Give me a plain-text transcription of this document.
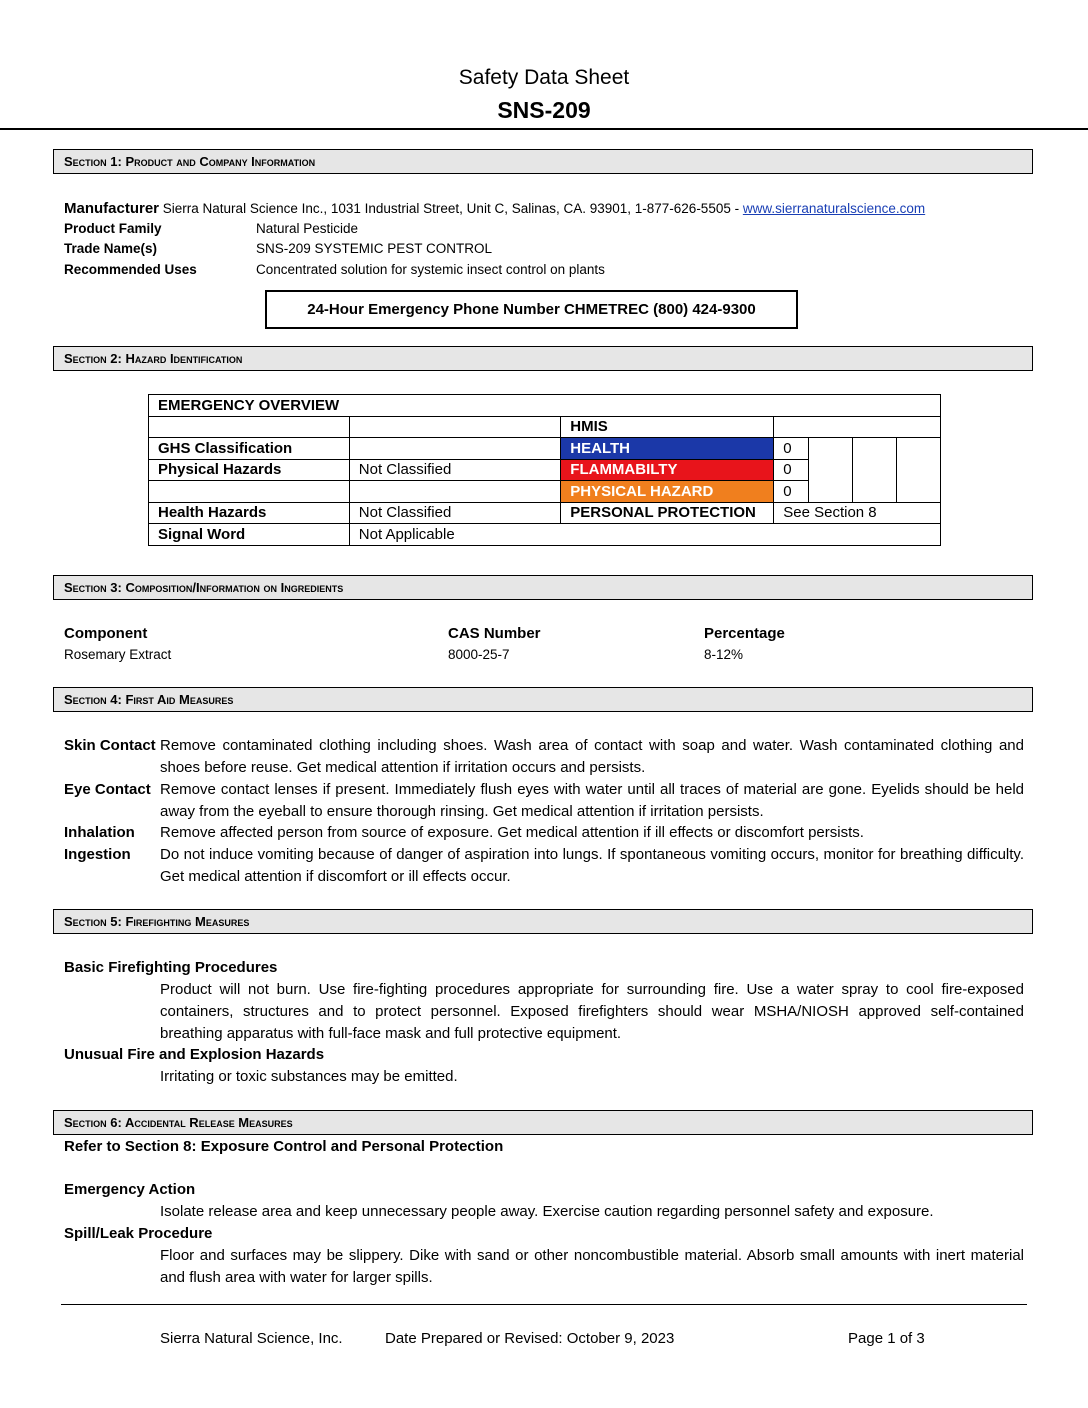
Safety Data Sheet
SNS-209
Section 1: Product and Company Information
Manufacturer Sierra Natural Science Inc., 1031 Industrial Street, Unit C, Salinas, CA. 93901, 1-877-626-5505 - www.sierranaturalscience.com
Product Family	Natural Pesticide
Trade Name(s)	SNS-209 SYSTEMIC PEST CONTROL
Recommended Uses	Concentrated solution for systemic insect control on plants
24-Hour Emergency Phone Number CHMETREC (800) 424-9300
Section 2: Hazard Identification
EMERGENCY OVERVIEW						
		HMIS				
GHS Classification		HEALTH	0			
Physical Hazards	Not Classified	FLAMMABILTY	0			
		PHYSICAL HAZARD	0			
Health Hazards	Not Classified	PERSONAL PROTECTION	See Section 8			
Signal Word	Not Applicable					
Section 3: Composition/Information on Ingredients
Component	CAS Number	Percentage
Rosemary Extract	8000-25-7	8-12%
Section 4: First Aid Measures
Skin Contact Remove contaminated clothing including shoes. Wash area of contact with soap and water. Wash contaminated clothing and shoes before reuse. Get medical attention if irritation occurs and persists.
Eye Contact Remove contact lenses if present. Immediately flush eyes with water until all traces of material are gone. Eyelids should be held away from the eyeball to ensure thorough rinsing. Get medical attention if irritation persists.
Inhalation Remove affected person from source of exposure. Get medical attention if ill effects or discomfort persists.
Ingestion Do not induce vomiting because of danger of aspiration into lungs. If spontaneous vomiting occurs, monitor for breathing difficulty. Get medical attention if discomfort or ill effects occur.
Section 5: Firefighting Measures
Basic Firefighting Procedures
Product will not burn. Use fire-fighting procedures appropriate for surrounding fire. Use a water spray to cool fire-exposed containers, structures and to protect personnel. Exposed firefighters should wear MSHA/NIOSH approved self-contained breathing apparatus with full-face mask and full protective equipment.
Unusual Fire and Explosion Hazards
Irritating or toxic substances may be emitted.
Section 6: Accidental Release Measures
Refer to Section 8: Exposure Control and Personal Protection
Emergency Action
Isolate release area and keep unnecessary people away. Exercise caution regarding personnel safety and exposure.
Spill/Leak Procedure
Floor and surfaces may be slippery. Dike with sand or other noncombustible material. Absorb small amounts with inert material and flush area with water for larger spills.
Sierra Natural Science, Inc.	Date Prepared or Revised: October 9, 2023	Page 1 of 3
